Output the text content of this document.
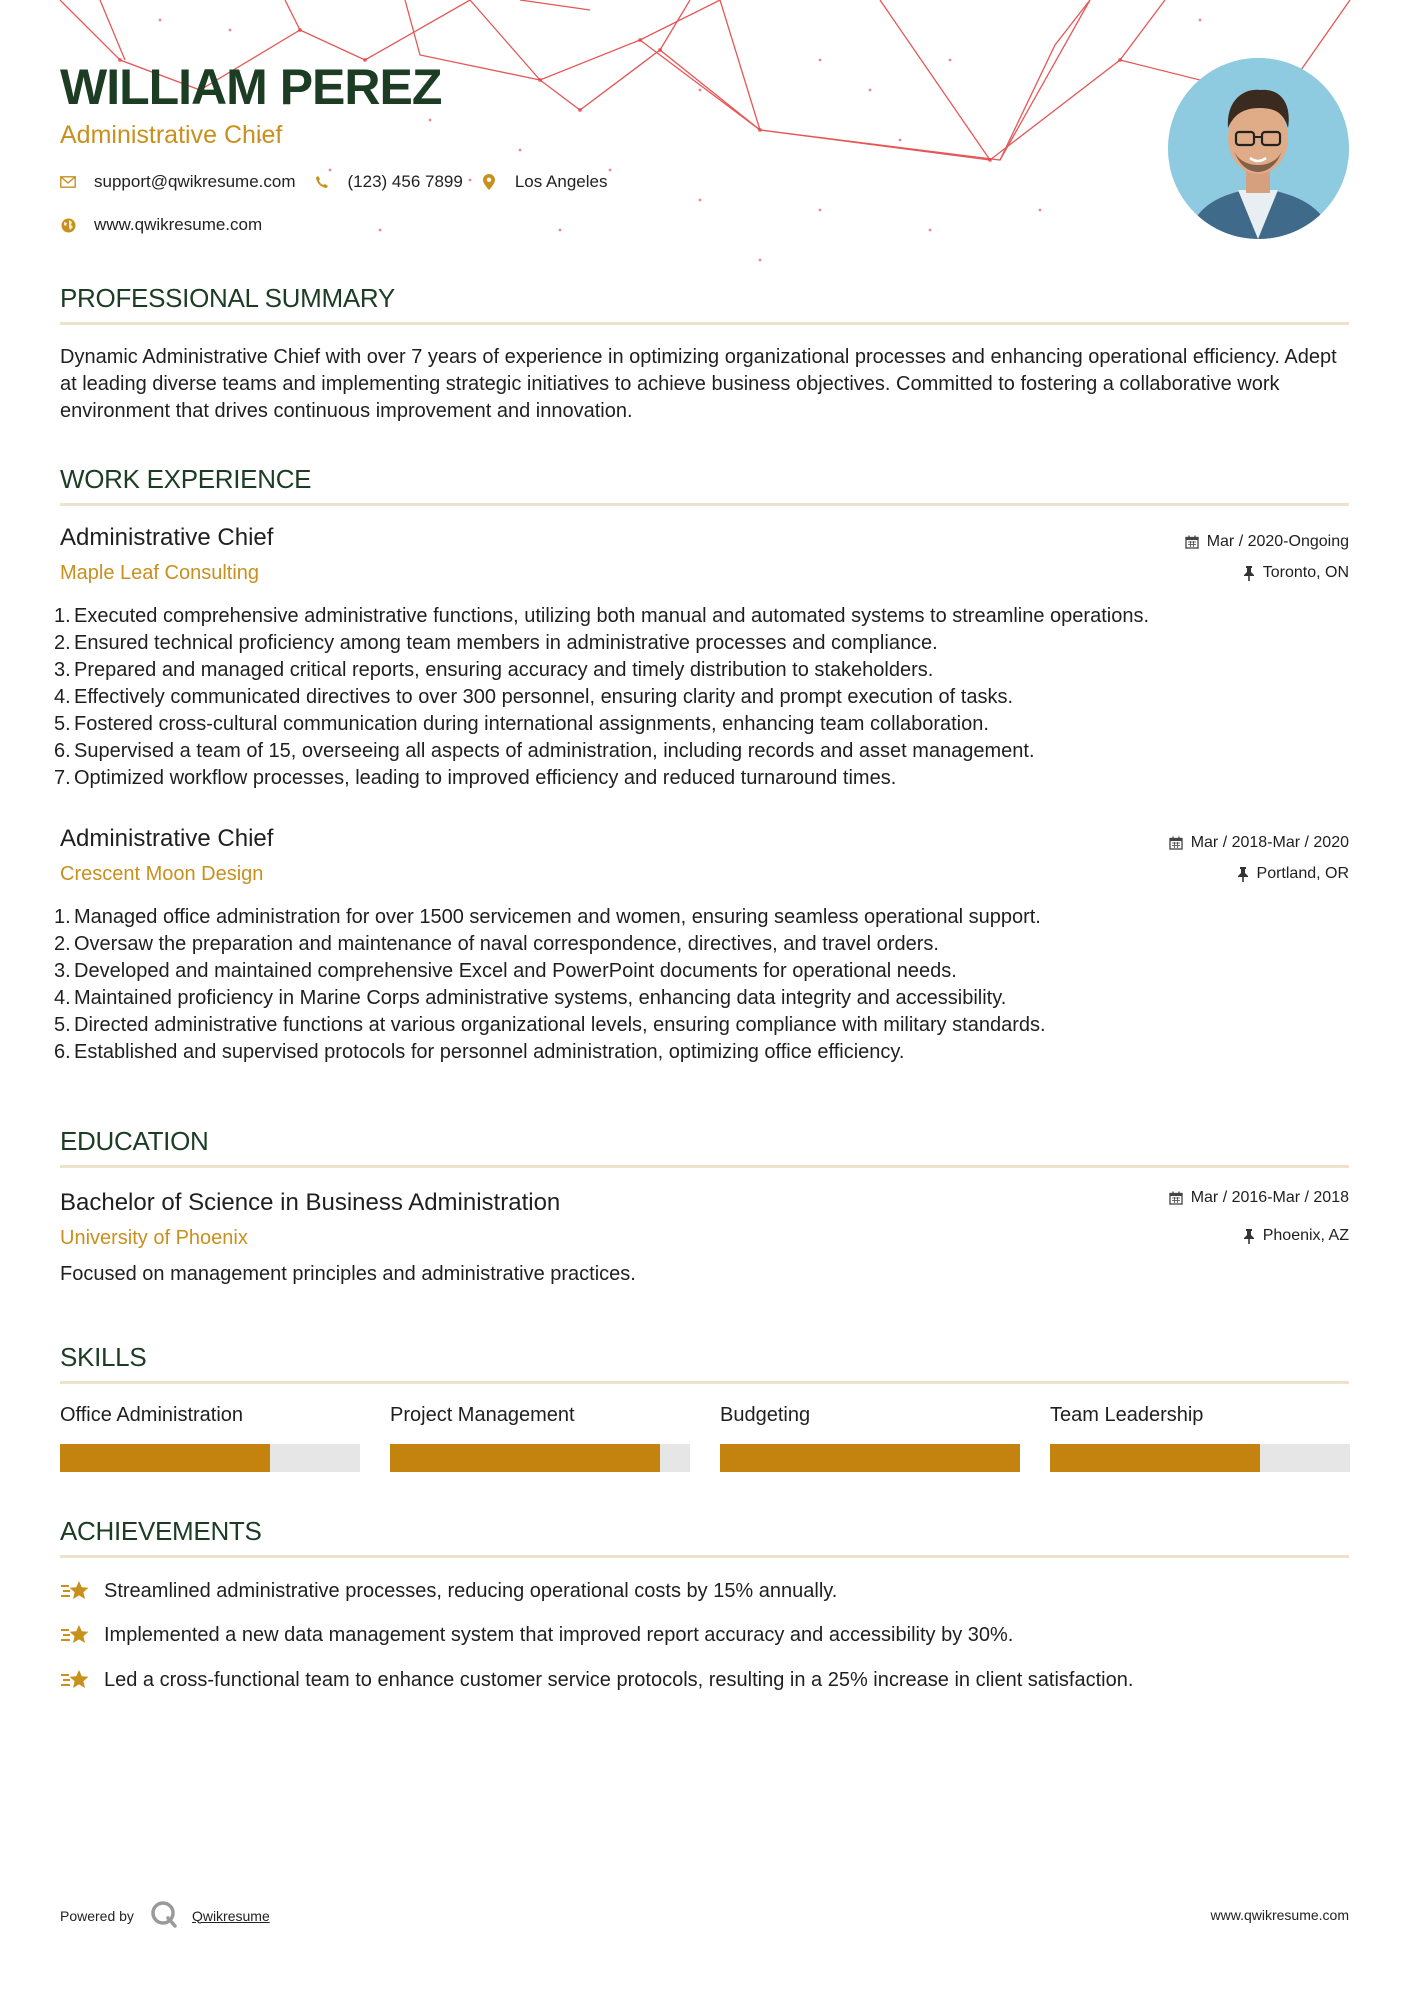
WILLIAM PEREZ
Administrative Chief
support@qwikresume.com	(123) 456 7899	Los Angeles
www.qwikresume.com
PROFESSIONAL SUMMARY
Dynamic Administrative Chief with over 7 years of experience in optimizing organizational processes and enhancing operational efficiency. Adept at leading diverse teams and implementing strategic initiatives to achieve business objectives. Committed to fostering a collaborative work environment that drives continuous improvement and innovation.
WORK EXPERIENCE
Administrative Chief
Maple Leaf Consulting
Mar / 2020-Ongoing
Toronto, ON
1. Executed comprehensive administrative functions, utilizing both manual and automated systems to streamline operations.
2. Ensured technical proficiency among team members in administrative processes and compliance.
3. Prepared and managed critical reports, ensuring accuracy and timely distribution to stakeholders.
4. Effectively communicated directives to over 300 personnel, ensuring clarity and prompt execution of tasks.
5. Fostered cross-cultural communication during international assignments, enhancing team collaboration.
6. Supervised a team of 15, overseeing all aspects of administration, including records and asset management.
7. Optimized workflow processes, leading to improved efficiency and reduced turnaround times.
Administrative Chief
Crescent Moon Design
Mar / 2018-Mar / 2020
Portland, OR
1. Managed office administration for over 1500 servicemen and women, ensuring seamless operational support.
2. Oversaw the preparation and maintenance of naval correspondence, directives, and travel orders.
3. Developed and maintained comprehensive Excel and PowerPoint documents for operational needs.
4. Maintained proficiency in Marine Corps administrative systems, enhancing data integrity and accessibility.
5. Directed administrative functions at various organizational levels, ensuring compliance with military standards.
6. Established and supervised protocols for personnel administration, optimizing office efficiency.
EDUCATION
Bachelor of Science in Business Administration
University of Phoenix
Mar / 2016-Mar / 2018
Phoenix, AZ
Focused on management principles and administrative practices.
SKILLS
Office Administration	Project Management	Budgeting	Team Leadership
ACHIEVEMENTS
Streamlined administrative processes, reducing operational costs by 15% annually.
Implemented a new data management system that improved report accuracy and accessibility by 30%.
Led a cross-functional team to enhance customer service protocols, resulting in a 25% increase in client satisfaction.
Powered by	Qwikresume	www.qwikresume.com
